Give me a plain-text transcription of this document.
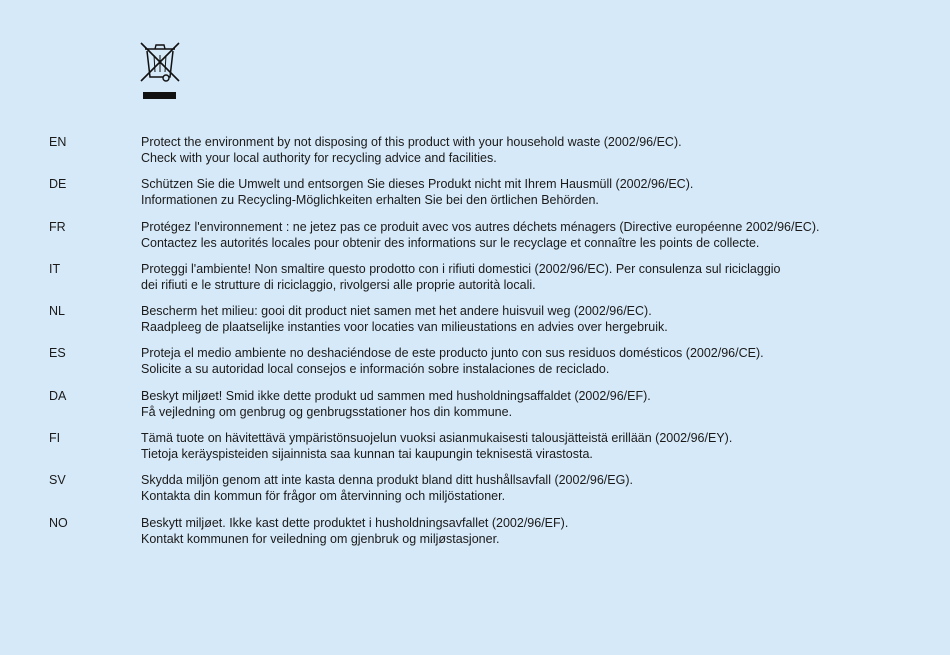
EN	Protect the environment by not disposing of this product with your household waste (2002/96/EC).
Check with your local authority for recycling advice and facilities.
DE	Schützen Sie die Umwelt und entsorgen Sie dieses Produkt nicht mit Ihrem Hausmüll (2002/96/EC).
Informationen zu Recycling-Möglichkeiten erhalten Sie bei den örtlichen Behörden.
FR	Protégez l'environnement : ne jetez pas ce produit avec vos autres déchets ménagers (Directive européenne 2002/96/EC).
Contactez les autorités locales pour obtenir des informations sur le recyclage et connaître les points de collecte.
IT	Proteggi l'ambiente! Non smaltire questo prodotto con i rifiuti domestici (2002/96/EC). Per consulenza sul riciclaggio
dei rifiuti e le strutture di riciclaggio, rivolgersi alle proprie autorità locali.
NL	Bescherm het milieu: gooi dit product niet samen met het andere huisvuil weg (2002/96/EC).
Raadpleeg de plaatselijke instanties voor locaties van milieustations en advies over hergebruik.
ES	Proteja el medio ambiente no deshaciéndose de este producto junto con sus residuos domésticos (2002/96/CE).
Solicite a su autoridad local consejos e información sobre instalaciones de reciclado.
DA	Beskyt miljøet! Smid ikke dette produkt ud sammen med husholdningsaffaldet (2002/96/EF).
Få vejledning om genbrug og genbrugsstationer hos din kommune.
FI	Tämä tuote on hävitettävä ympäristönsuojelun vuoksi asianmukaisesti talousjätteistä erillään (2002/96/EY).
Tietoja keräyspisteiden sijainnista saa kunnan tai kaupungin teknisestä virastosta.
SV	Skydda miljön genom att inte kasta denna produkt bland ditt hushållsavfall (2002/96/EG).
Kontakta din kommun för frågor om återvinning och miljöstationer.
NO	Beskytt miljøet. Ikke kast dette produktet i husholdningsavfallet (2002/96/EF).
Kontakt kommunen for veiledning om gjenbruk og miljøstasjoner.
